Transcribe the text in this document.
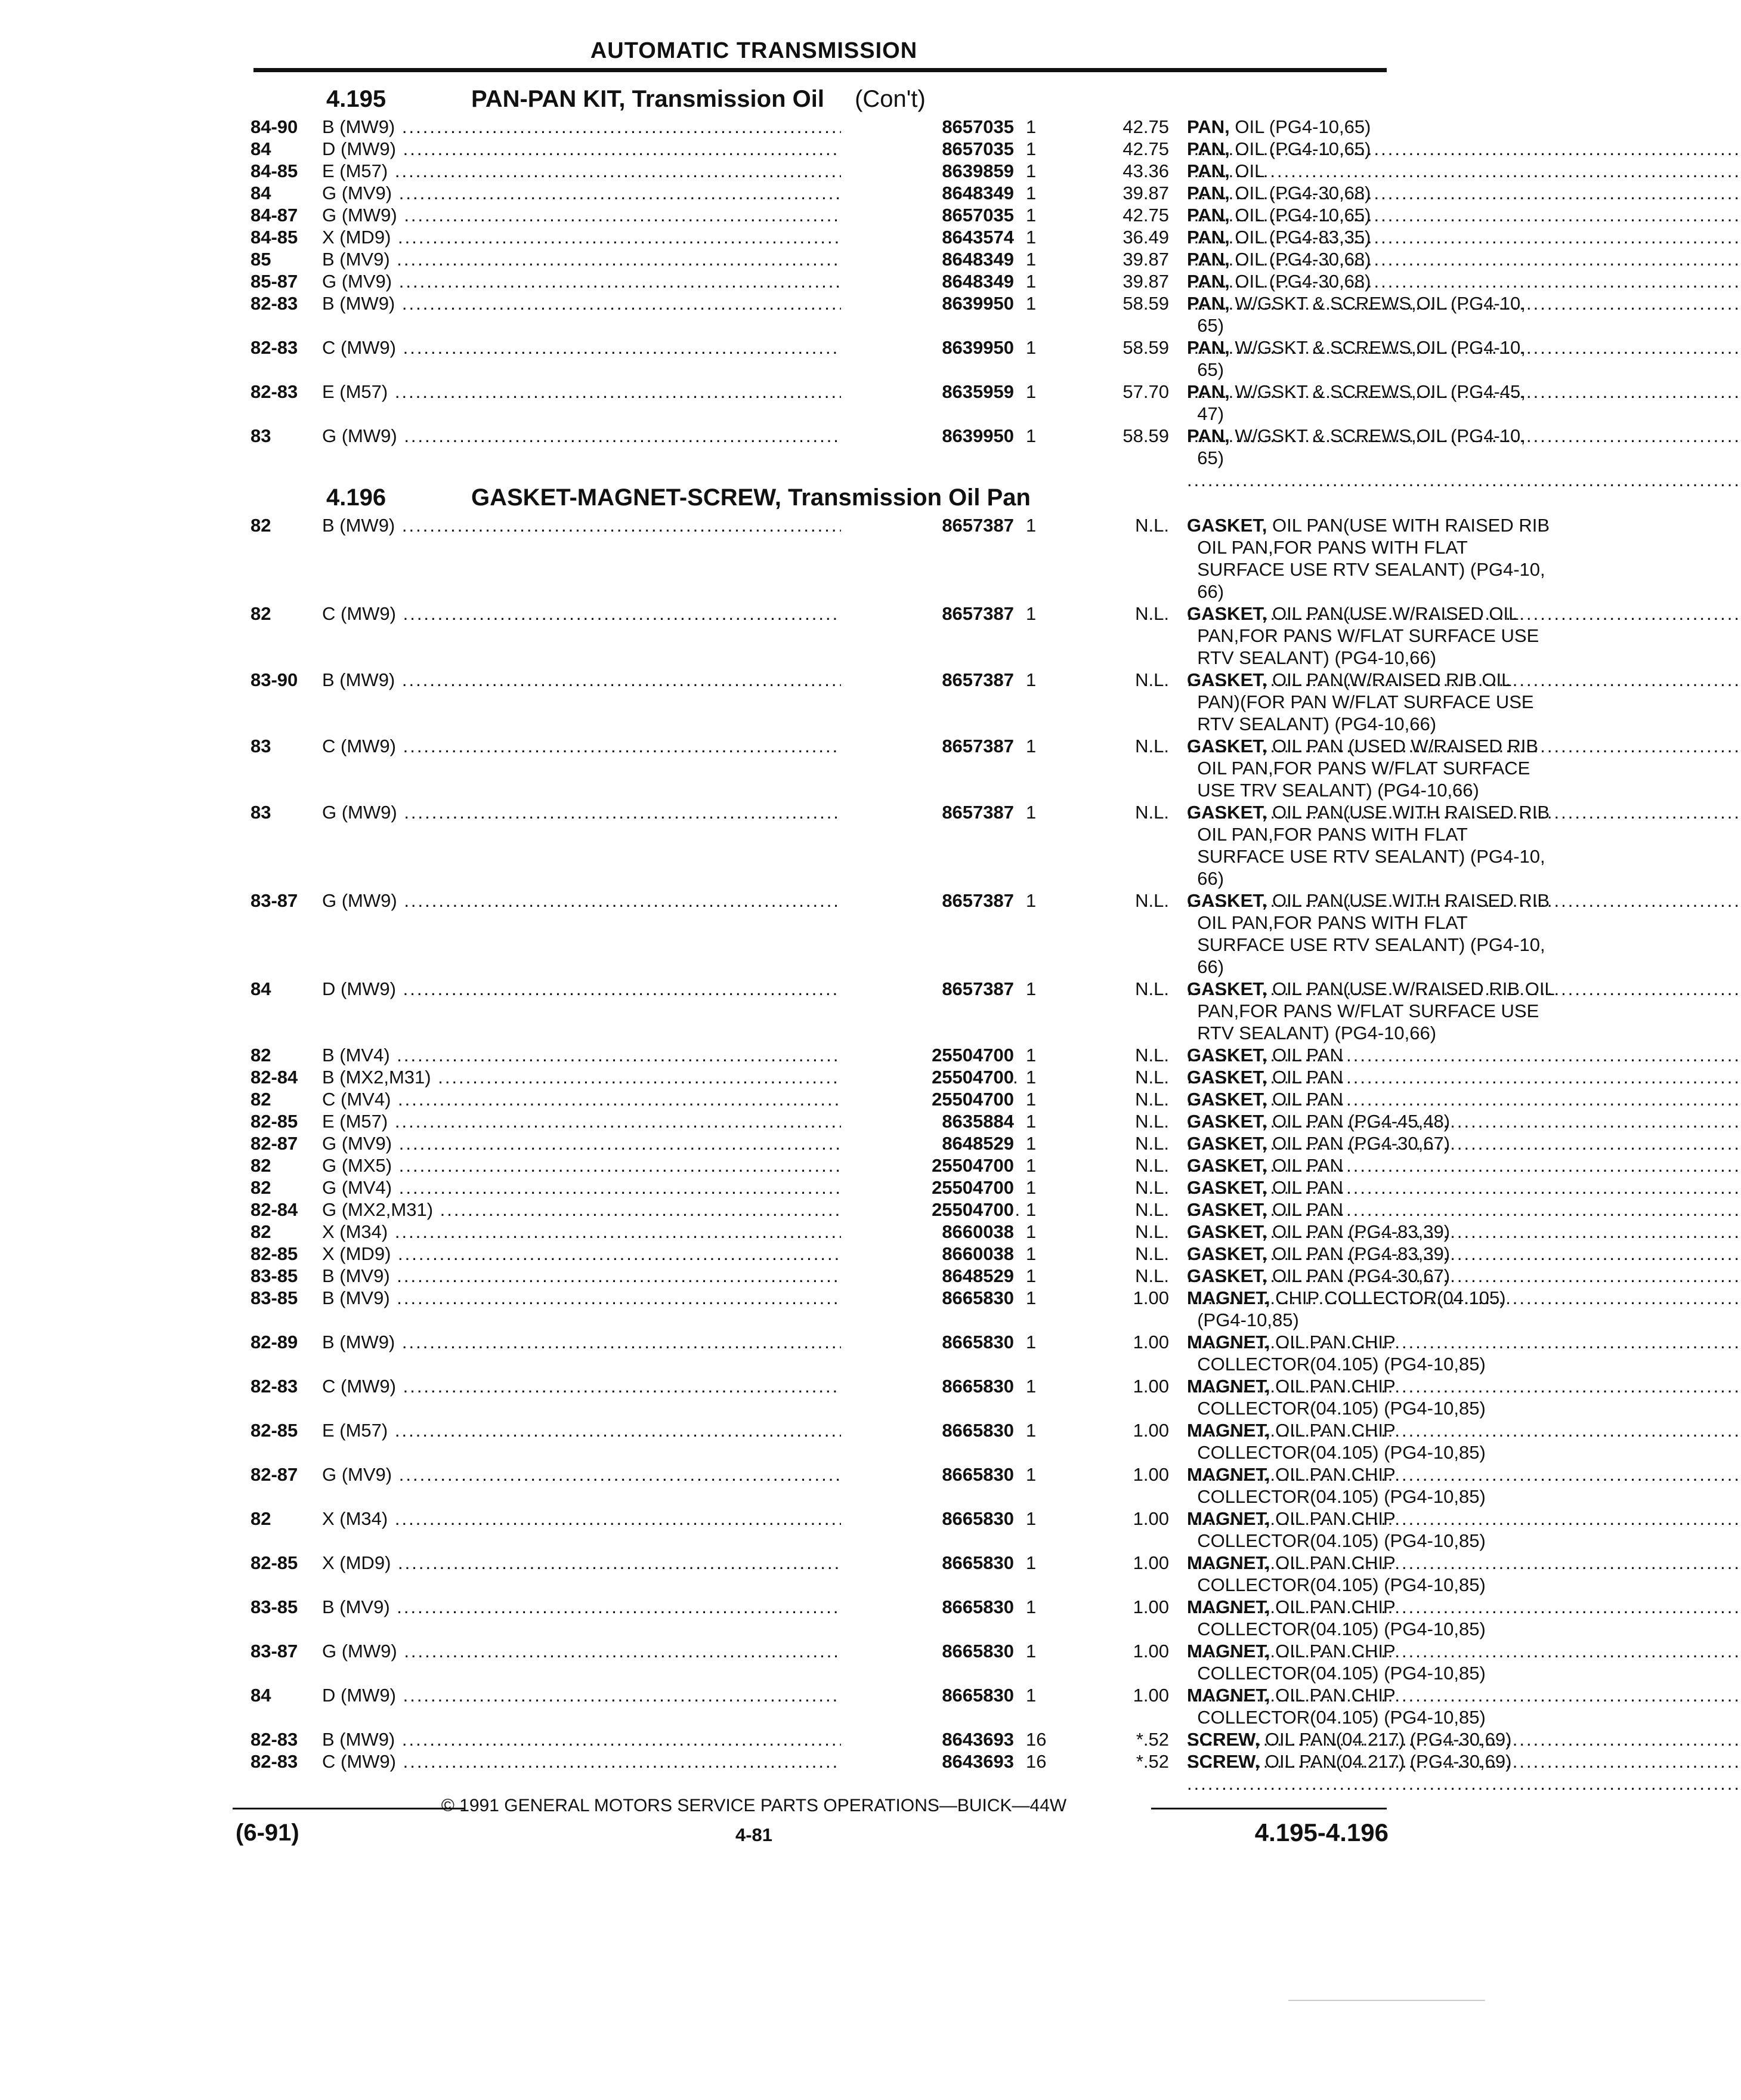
AUTOMATIC TRANSMISSION
4.195	PAN-PAN KIT, Transmission Oil (Con't)
84-90 B (MW9) .....	8657035 1	42.75 PAN, OIL (PG4-10,65) .....
84	D (MW9) .....	8657035 1	42.75 PAN, OIL (PG4-10,65) .....
84-85 E (M57) .....	8639859 1	43.36 PAN, OIL .....
84	G (MV9) .....	8648349 1	39.87 PAN, OIL (PG4-30,68) .....
84-87 G (MW9) .....	8657035 1	42.75 PAN, OIL (PG4-10,65) .....
84-85 X (MD9) .....	8643574 1	36.49 PAN, OIL (PG4-83,35) .....
85	B (MV9) .....	8648349 1	39.87 PAN, OIL (PG4-30,68) .....
85-87 G (MV9) .....	8648349 1	39.87 PAN, OIL (PG4-30,68) .....
82-83 B (MW9) .....	8639950 1	58.59 PAN, W/GSKT & SCREWS,OIL (PG4-10,
65) .....
82-83 C (MW9) .....	8639950 1	58.59 PAN, W/GSKT & SCREWS,OIL (PG4-10,
65) .....
82-83 E (M57) .....	8635959 1	57.70 PAN, W/GSKT & SCREWS,OIL (PG4-45,
47) .....
83	G (MW9) .....	8639950 1	58.59 PAN, W/GSKT & SCREWS,OIL (PG4-10,
65) .....
4.196	GASKET-MAGNET-SCREW, Transmission Oil Pan
82	B (MW9) .....	8657387 1	N.L. GASKET, OIL PAN(USE WITH RAISED RIB
OIL PAN,FOR PANS WITH FLAT
SURFACE USE RTV SEALANT) (PG4-10,
66) .....
82	C (MW9) .....	8657387 1	N.L. GASKET, OIL PAN(USE W/RAISED OIL
PAN,FOR PANS W/FLAT SURFACE USE
RTV SEALANT) (PG4-10,66) .....
83-90 B (MW9) .....	8657387 1	N.L. GASKET, OIL PAN(W/RAISED RIB OIL
PAN)(FOR PAN W/FLAT SURFACE USE
RTV SEALANT) (PG4-10,66) .....
83	C (MW9) .....	8657387 1	N.L. GASKET, OIL PAN (USED W/RAISED RIB
OIL PAN,FOR PANS W/FLAT SURFACE
USE TRV SEALANT) (PG4-10,66) .....
83	G (MW9) .....	8657387 1	N.L. GASKET, OIL PAN(USE WITH RAISED RIB
OIL PAN,FOR PANS WITH FLAT
SURFACE USE RTV SEALANT) (PG4-10,
66) .....
83-87 G (MW9) .....	8657387 1	N.L. GASKET, OIL PAN(USE WITH RAISED RIB
OIL PAN,FOR PANS WITH FLAT
SURFACE USE RTV SEALANT) (PG4-10,
66) .....
84	D (MW9) .....	8657387 1	N.L. GASKET, OIL PAN(USE W/RAISED RIB OIL
PAN,FOR PANS W/FLAT SURFACE USE
RTV SEALANT) (PG4-10,66) .....
82	B (MV4) .....	25504700 1	N.L. GASKET, OIL PAN .....
82-84 B (MX2,M31) .....	25504700 1	N.L. GASKET, OIL PAN .....
82	C (MV4) .....	25504700 1	N.L. GASKET, OIL PAN .....
82-85 E (M57) .....	8635884 1	N.L. GASKET, OIL PAN (PG4-45,48) .....
82-87 G (MV9) .....	8648529 1	N.L. GASKET, OIL PAN (PG4-30,67) .....
82	G (MX5) .....	25504700 1	N.L. GASKET, OIL PAN .....
82	G (MV4) .....	25504700 1	N.L. GASKET, OIL PAN .....
82-84 G (MX2,M31) .....	25504700 1	N.L. GASKET, OIL PAN .....
82	X (M34) .....	8660038 1	N.L. GASKET, OIL PAN (PG4-83,39) .....
82-85 X (MD9) .....	8660038 1	N.L. GASKET, OIL PAN (PG4-83,39) .....
83-85 B (MV9) .....	8648529 1	N.L. GASKET, OIL PAN (PG4-30,67) .....
83-85 B (MV9) .....	8665830 1	1.00 MAGNET, CHIP COLLECTOR(04.105)
(PG4-10,85) .....
82-89 B (MW9) .....	8665830 1	1.00 MAGNET, OIL PAN CHIP
COLLECTOR(04.105) (PG4-10,85) .....
82-83 C (MW9) .....	8665830 1	1.00 MAGNET, OIL PAN CHIP
COLLECTOR(04.105) (PG4-10,85) .....
82-85 E (M57) .....	8665830 1	1.00 MAGNET, OIL PAN CHIP
COLLECTOR(04.105) (PG4-10,85) .....
82-87 G (MV9) .....	8665830 1	1.00 MAGNET, OIL PAN CHIP
COLLECTOR(04.105) (PG4-10,85) .....
82	X (M34) .....	8665830 1	1.00 MAGNET, OIL PAN CHIP
COLLECTOR(04.105) (PG4-10,85) .....
82-85 X (MD9) .....	8665830 1	1.00 MAGNET, OIL PAN CHIP
COLLECTOR(04.105) (PG4-10,85) .....
83-85 B (MV9) .....	8665830 1	1.00 MAGNET, OIL PAN CHIP
COLLECTOR(04.105) (PG4-10,85) .....
83-87 G (MW9) .....	8665830 1	1.00 MAGNET, OIL PAN CHIP
COLLECTOR(04.105) (PG4-10,85) .....
84	D (MW9) .....	8665830 1	1.00 MAGNET, OIL PAN CHIP
COLLECTOR(04.105) (PG4-10,85) .....
82-83 B (MW9) .....	8643693 16	*.52 SCREW, OIL PAN(04.217) (PG4-30,69) .....
82-83 C (MW9) .....	8643693 16	*.52 SCREW, OIL PAN(04.217) (PG4-30,69) .....
© 1991 GENERAL MOTORS SERVICE PARTS OPERATIONS—BUICK—44W
(6-91)	4-81	4.195-4.196
